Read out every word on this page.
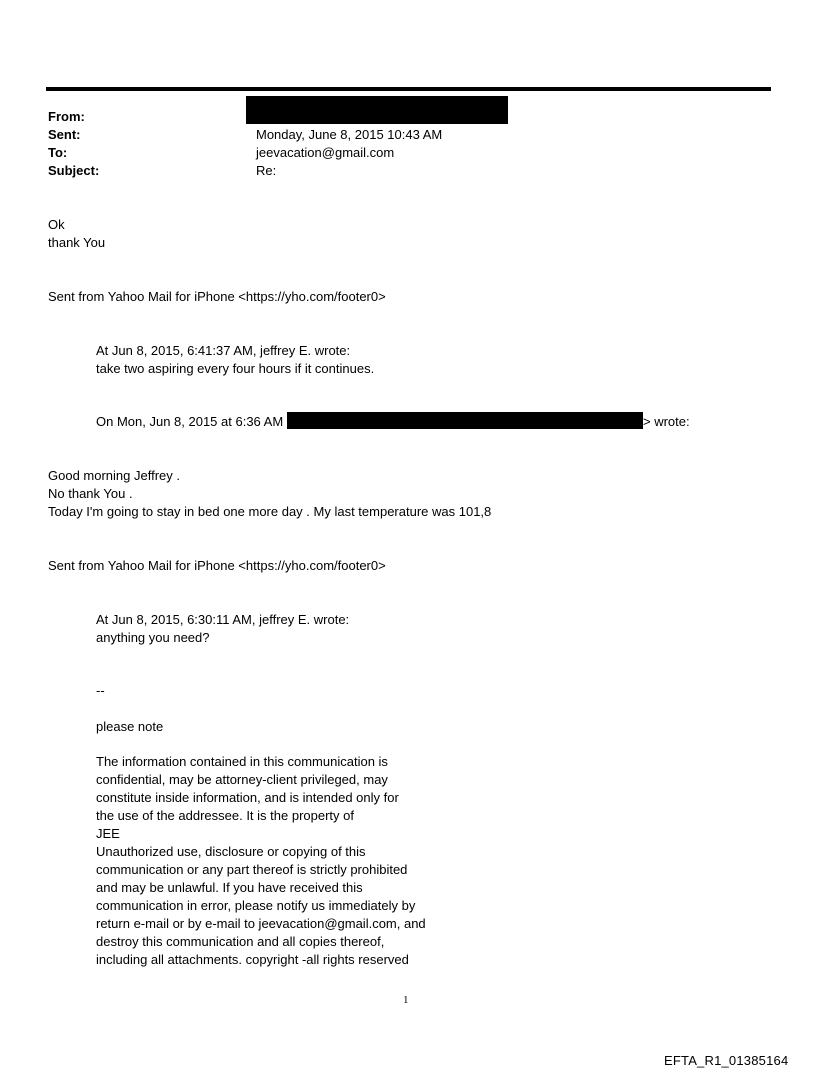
From:
Sent:	Monday, June 8, 2015 10:43 AM
To:	jeevacation@gmail.com
Subject:	Re:
Ok
thank You
Sent from Yahoo Mail for iPhone <https://yho.com/footer0>
At Jun 8, 2015, 6:41:37 AM, jeffrey E. wrote:
take two aspiring every four hours if it continues.
On Mon, Jun 8, 2015 at 6:36 AM	> wrote:
Good morning Jeffrey .
No thank You .
Today I'm going to stay in bed one more day . My last temperature was 101,8
Sent from Yahoo Mail for iPhone <https://yho.com/footer0>
At Jun 8, 2015, 6:30:11 AM, jeffrey E. wrote:
anything you need?
--
please note
The information contained in this communication is
confidential, may be attorney-client privileged, may
constitute inside information, and is intended only for
the use of the addressee. It is the property of
JEE
Unauthorized use, disclosure or copying of this
communication or any part thereof is strictly prohibited
and may be unlawful. If you have received this
communication in error, please notify us immediately by
return e-mail or by e-mail to jeevacation@gmail.com, and
destroy this communication and all copies thereof,
including all attachments. copyright -all rights reserved
1
EFTA_R1_01385164
